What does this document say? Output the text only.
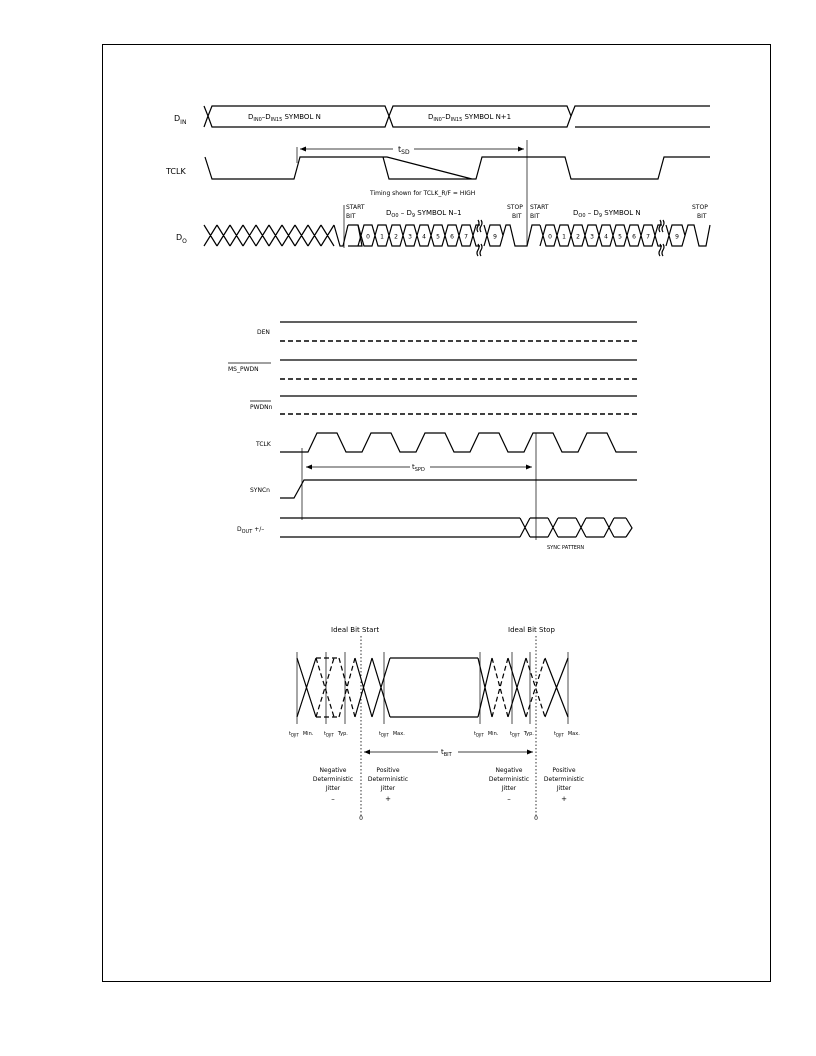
$D_{IN}$
TCLK
$D_O$
$D_{IN0}-D_{IN15}$ SYMBOL N	$D_{IN0}-D_{IN15}$ SYMBOL N+1
$t_{SD}$
Timing shown for TCLK_R/F = HIGH
0 1 2 3 4 5 6 7	9	0 1 2 3 4 5 6 7	9
START
BIT
STOP
BIT
START
BIT
STOP
BIT
$D_{O0} - D_9$ SYMBOL N–1	$D_{O0} - D_9$ SYMBOL N
DEN
MS_PWDN
PWDNn
TCLK
$t_{SPD}$
SYNCn
$D_{OUT}$ +/–
SYNC PATTERN
Ideal Bit Start	Ideal Bit Stop
$t_{DJIT}$ Min. $t_{DJIT}$ Typ.	$t_{DJIT}$ Max.	$t_{DJIT}$ Min. $t_{DJIT}$ Typ.	$t_{DJIT}$ Max.
$t_{BIT}$
Negative
Deterministic
Jitter
–
Positive
Deterministic
Jitter
+
Negative
Deterministic
Jitter
–
Positive
Deterministic
Jitter
+
0	0
